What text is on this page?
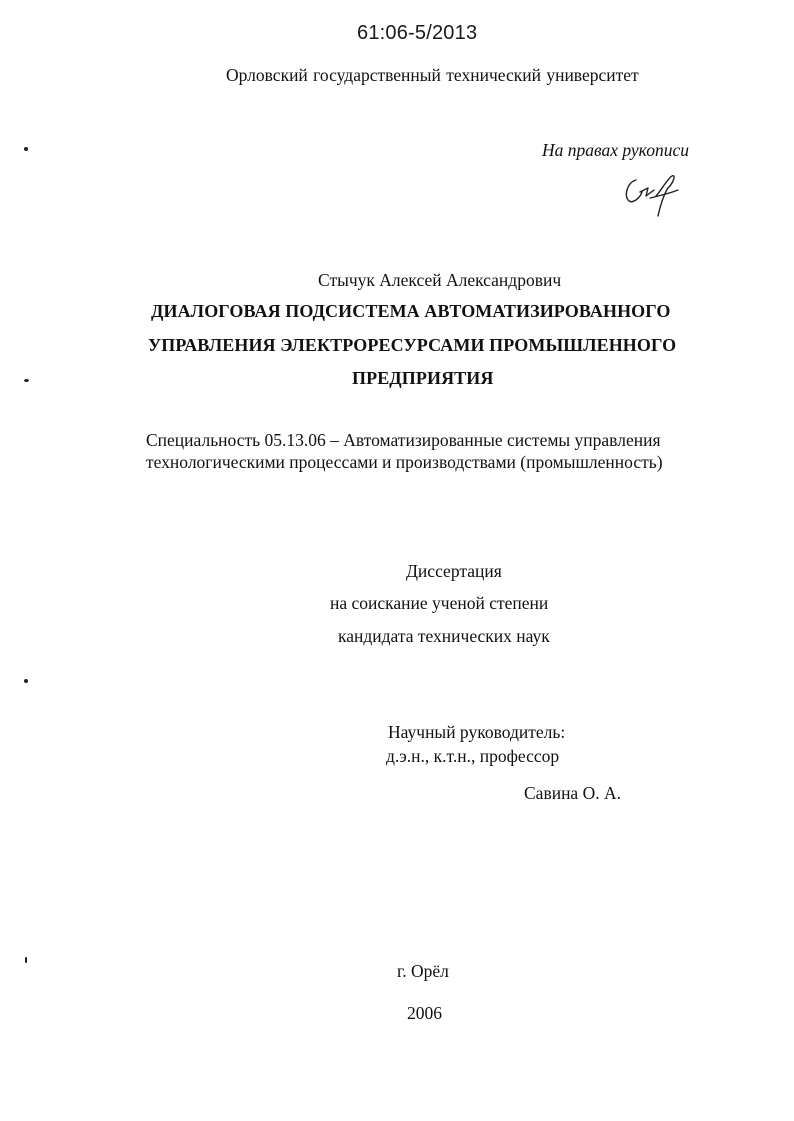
61:06-5/2013
Орловский государственный технический университет
На правах рукописи
Стычук Алексей Александрович
ДИАЛОГОВАЯ ПОДСИСТЕМА АВТОМАТИЗИРОВАННОГО
УПРАВЛЕНИЯ ЭЛЕКТРОРЕСУРСАМИ ПРОМЫШЛЕННОГО
ПРЕДПРИЯТИЯ
Специальность 05.13.06 – Автоматизированные системы управления
технологическими процессами и производствами (промышленность)
Диссертация
на соискание ученой степени
кандидата технических наук
Научный руководитель:
д.э.н., к.т.н., профессор
Савина О. А.
г. Орёл
2006
